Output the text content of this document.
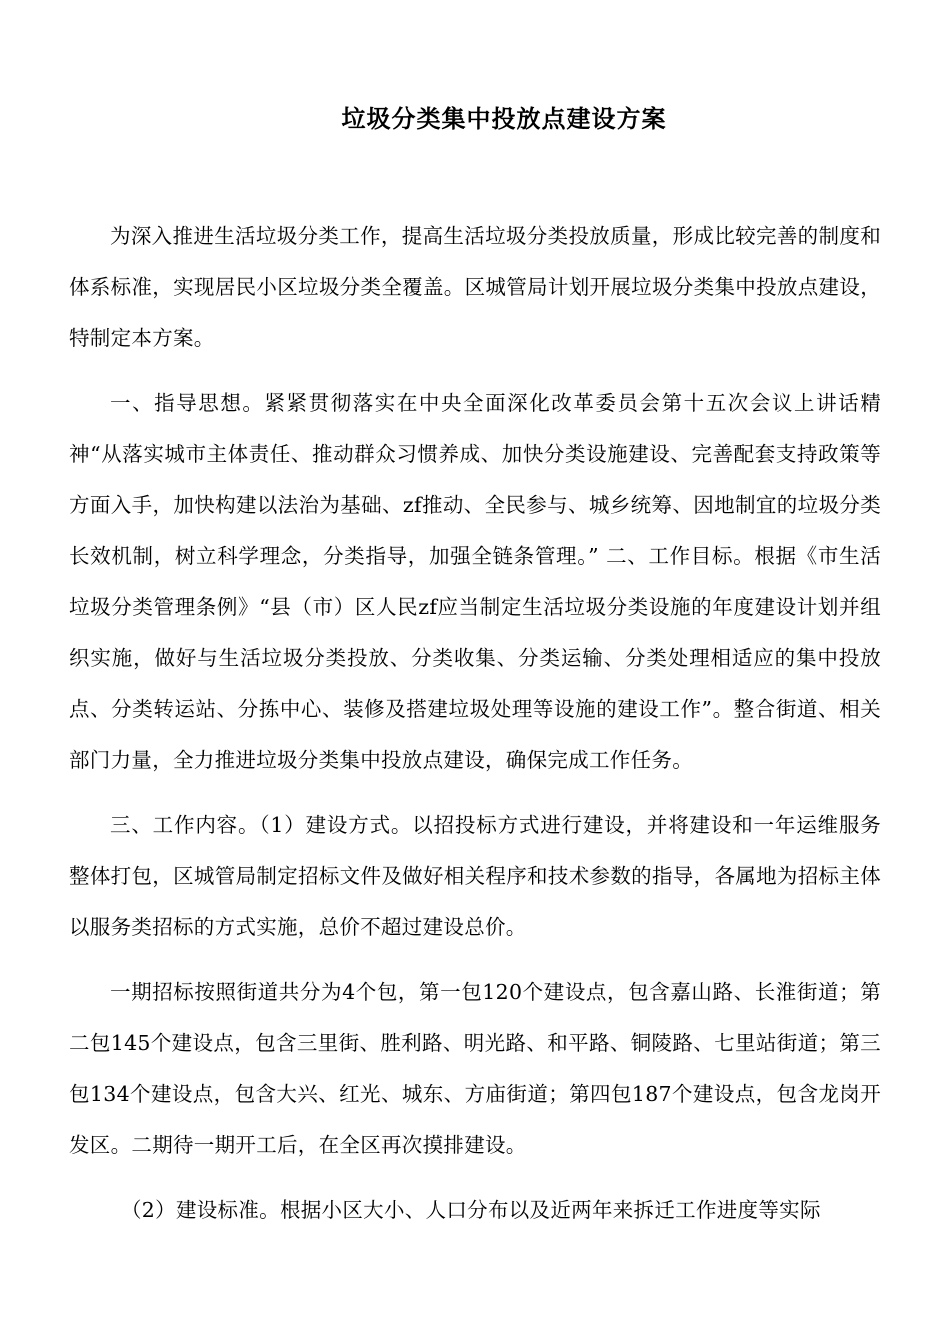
垃圾分类集中投放点建设方案

为深入推进生活垃圾分类工作，提高生活垃圾分类投放质量，形成比较完善的制度和体系标准，实现居民小区垃圾分类全覆盖。区城管局计划开展垃圾分类集中投放点建设，特制定本方案。

一、指导思想。紧紧贯彻落实在中央全面深化改革委员会第十五次会议上讲话精神“从落实城市主体责任、推动群众习惯养成、加快分类设施建设、完善配套支持政策等方面入手，加快构建以法治为基础、zf推动、全民参与、城乡统筹、因地制宜的垃圾分类长效机制，树立科学理念，分类指导，加强全链条管理。” 二、工作目标。根据《市生活垃圾分类管理条例》“县（市）区人民zf应当制定生活垃圾分类设施的年度建设计划并组织实施，做好与生活垃圾分类投放、分类收集、分类运输、分类处理相适应的集中投放点、分类转运站、分拣中心、装修及搭建垃圾处理等设施的建设工作”。整合街道、相关部门力量，全力推进垃圾分类集中投放点建设，确保完成工作任务。

三、工作内容。（1）建设方式。以招投标方式进行建设，并将建设和一年运维服务整体打包，区城管局制定招标文件及做好相关程序和技术参数的指导，各属地为招标主体以服务类招标的方式实施，总价不超过建设总价。

一期招标按照街道共分为4个包，第一包120个建设点，包含嘉山路、长淮街道；第二包145个建设点，包含三里街、胜利路、明光路、和平路、铜陵路、七里站街道；第三包134个建设点，包含大兴、红光、城东、方庙街道；第四包187个建设点，包含龙岗开发区。二期待一期开工后，在全区再次摸排建设。

（2）建设标准。根据小区大小、人口分布以及近两年来拆迁工作进度等实际
